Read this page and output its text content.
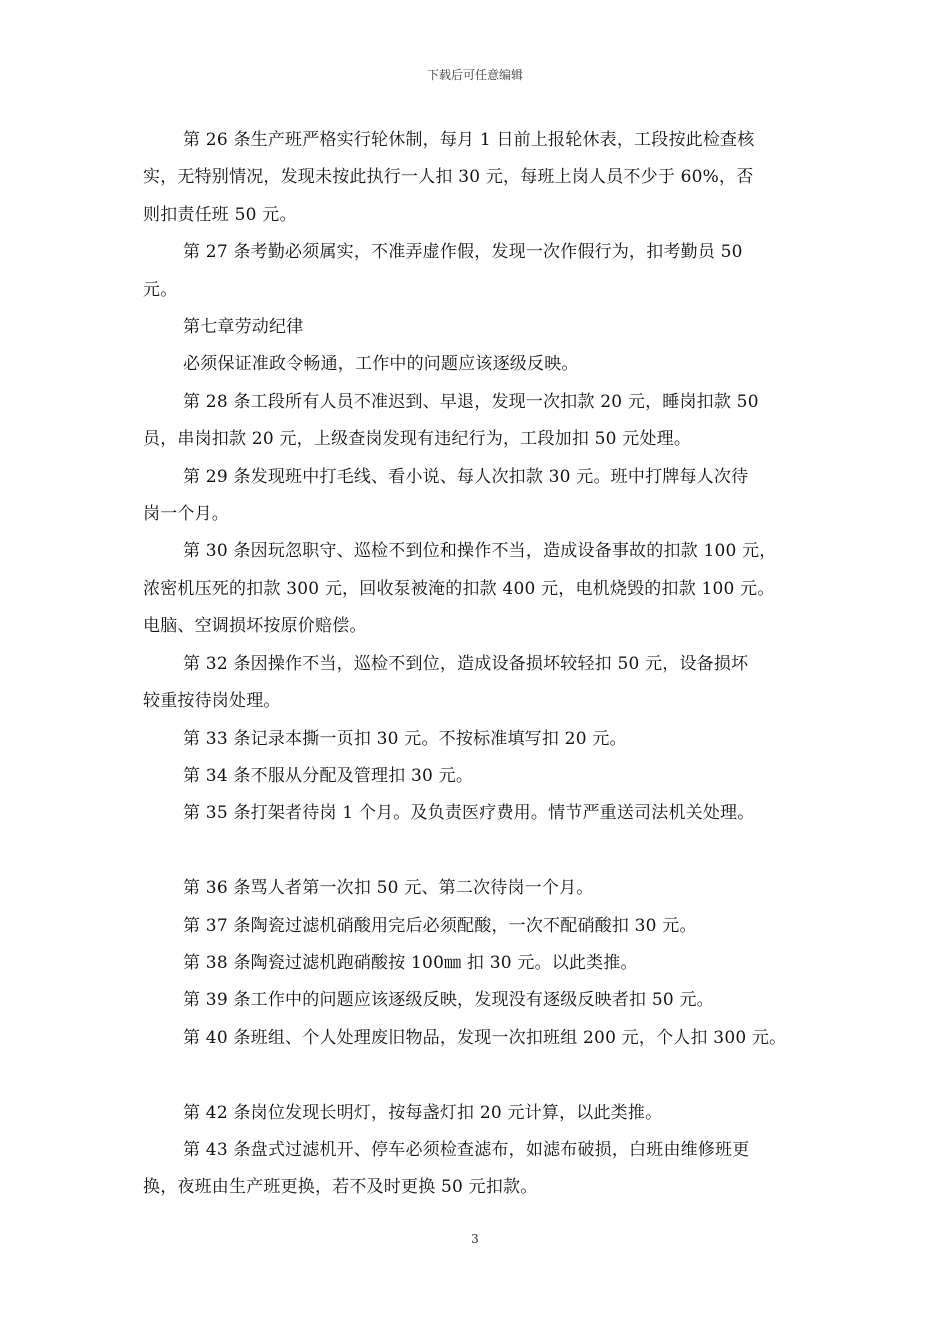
下载后可任意编辑
第 26 条生产班严格实行轮休制，每月 1 日前上报轮休表，工段按此检查核
实，无特别情况，发现未按此执行一人扣 30 元，每班上岗人员不少于 60%，否
则扣责任班 50 元。
第 27 条考勤必须属实，不准弄虚作假，发现一次作假行为，扣考勤员 50
元。
第七章劳动纪律
必须保证准政令畅通，工作中的问题应该逐级反映。
第 28 条工段所有人员不准迟到、早退，发现一次扣款 20 元，睡岗扣款 50
员，串岗扣款 20 元，上级查岗发现有违纪行为，工段加扣 50 元处理。
第 29 条发现班中打毛线、看小说、每人次扣款 30 元。班中打牌每人次待
岗一个月。
第 30 条因玩忽职守、巡检不到位和操作不当，造成设备事故的扣款 100 元，
浓密机压死的扣款 300 元，回收泵被淹的扣款 400 元，电机烧毁的扣款 100 元。
电脑、空调损坏按原价赔偿。
第 32 条因操作不当，巡检不到位，造成设备损坏较轻扣 50 元，设备损坏
较重按待岗处理。
第 33 条记录本撕一页扣 30 元。不按标准填写扣 20 元。
第 34 条不服从分配及管理扣 30 元。
第 35 条打架者待岗 1 个月。及负责医疗费用。情节严重送司法机关处理。
第 36 条骂人者第一次扣 50 元、第二次待岗一个月。
第 37 条陶瓷过滤机硝酸用完后必须配酸，一次不配硝酸扣 30 元。
第 38 条陶瓷过滤机跑硝酸按 100㎜ 扣 30 元。以此类推。
第 39 条工作中的问题应该逐级反映，发现没有逐级反映者扣 50 元。
第 40 条班组、个人处理废旧物品，发现一次扣班组 200 元，个人扣 300 元。
第 42 条岗位发现长明灯，按每盏灯扣 20 元计算，以此类推。
第 43 条盘式过滤机开、停车必须检查滤布，如滤布破损，白班由维修班更
换，夜班由生产班更换，若不及时更换 50 元扣款。
3
